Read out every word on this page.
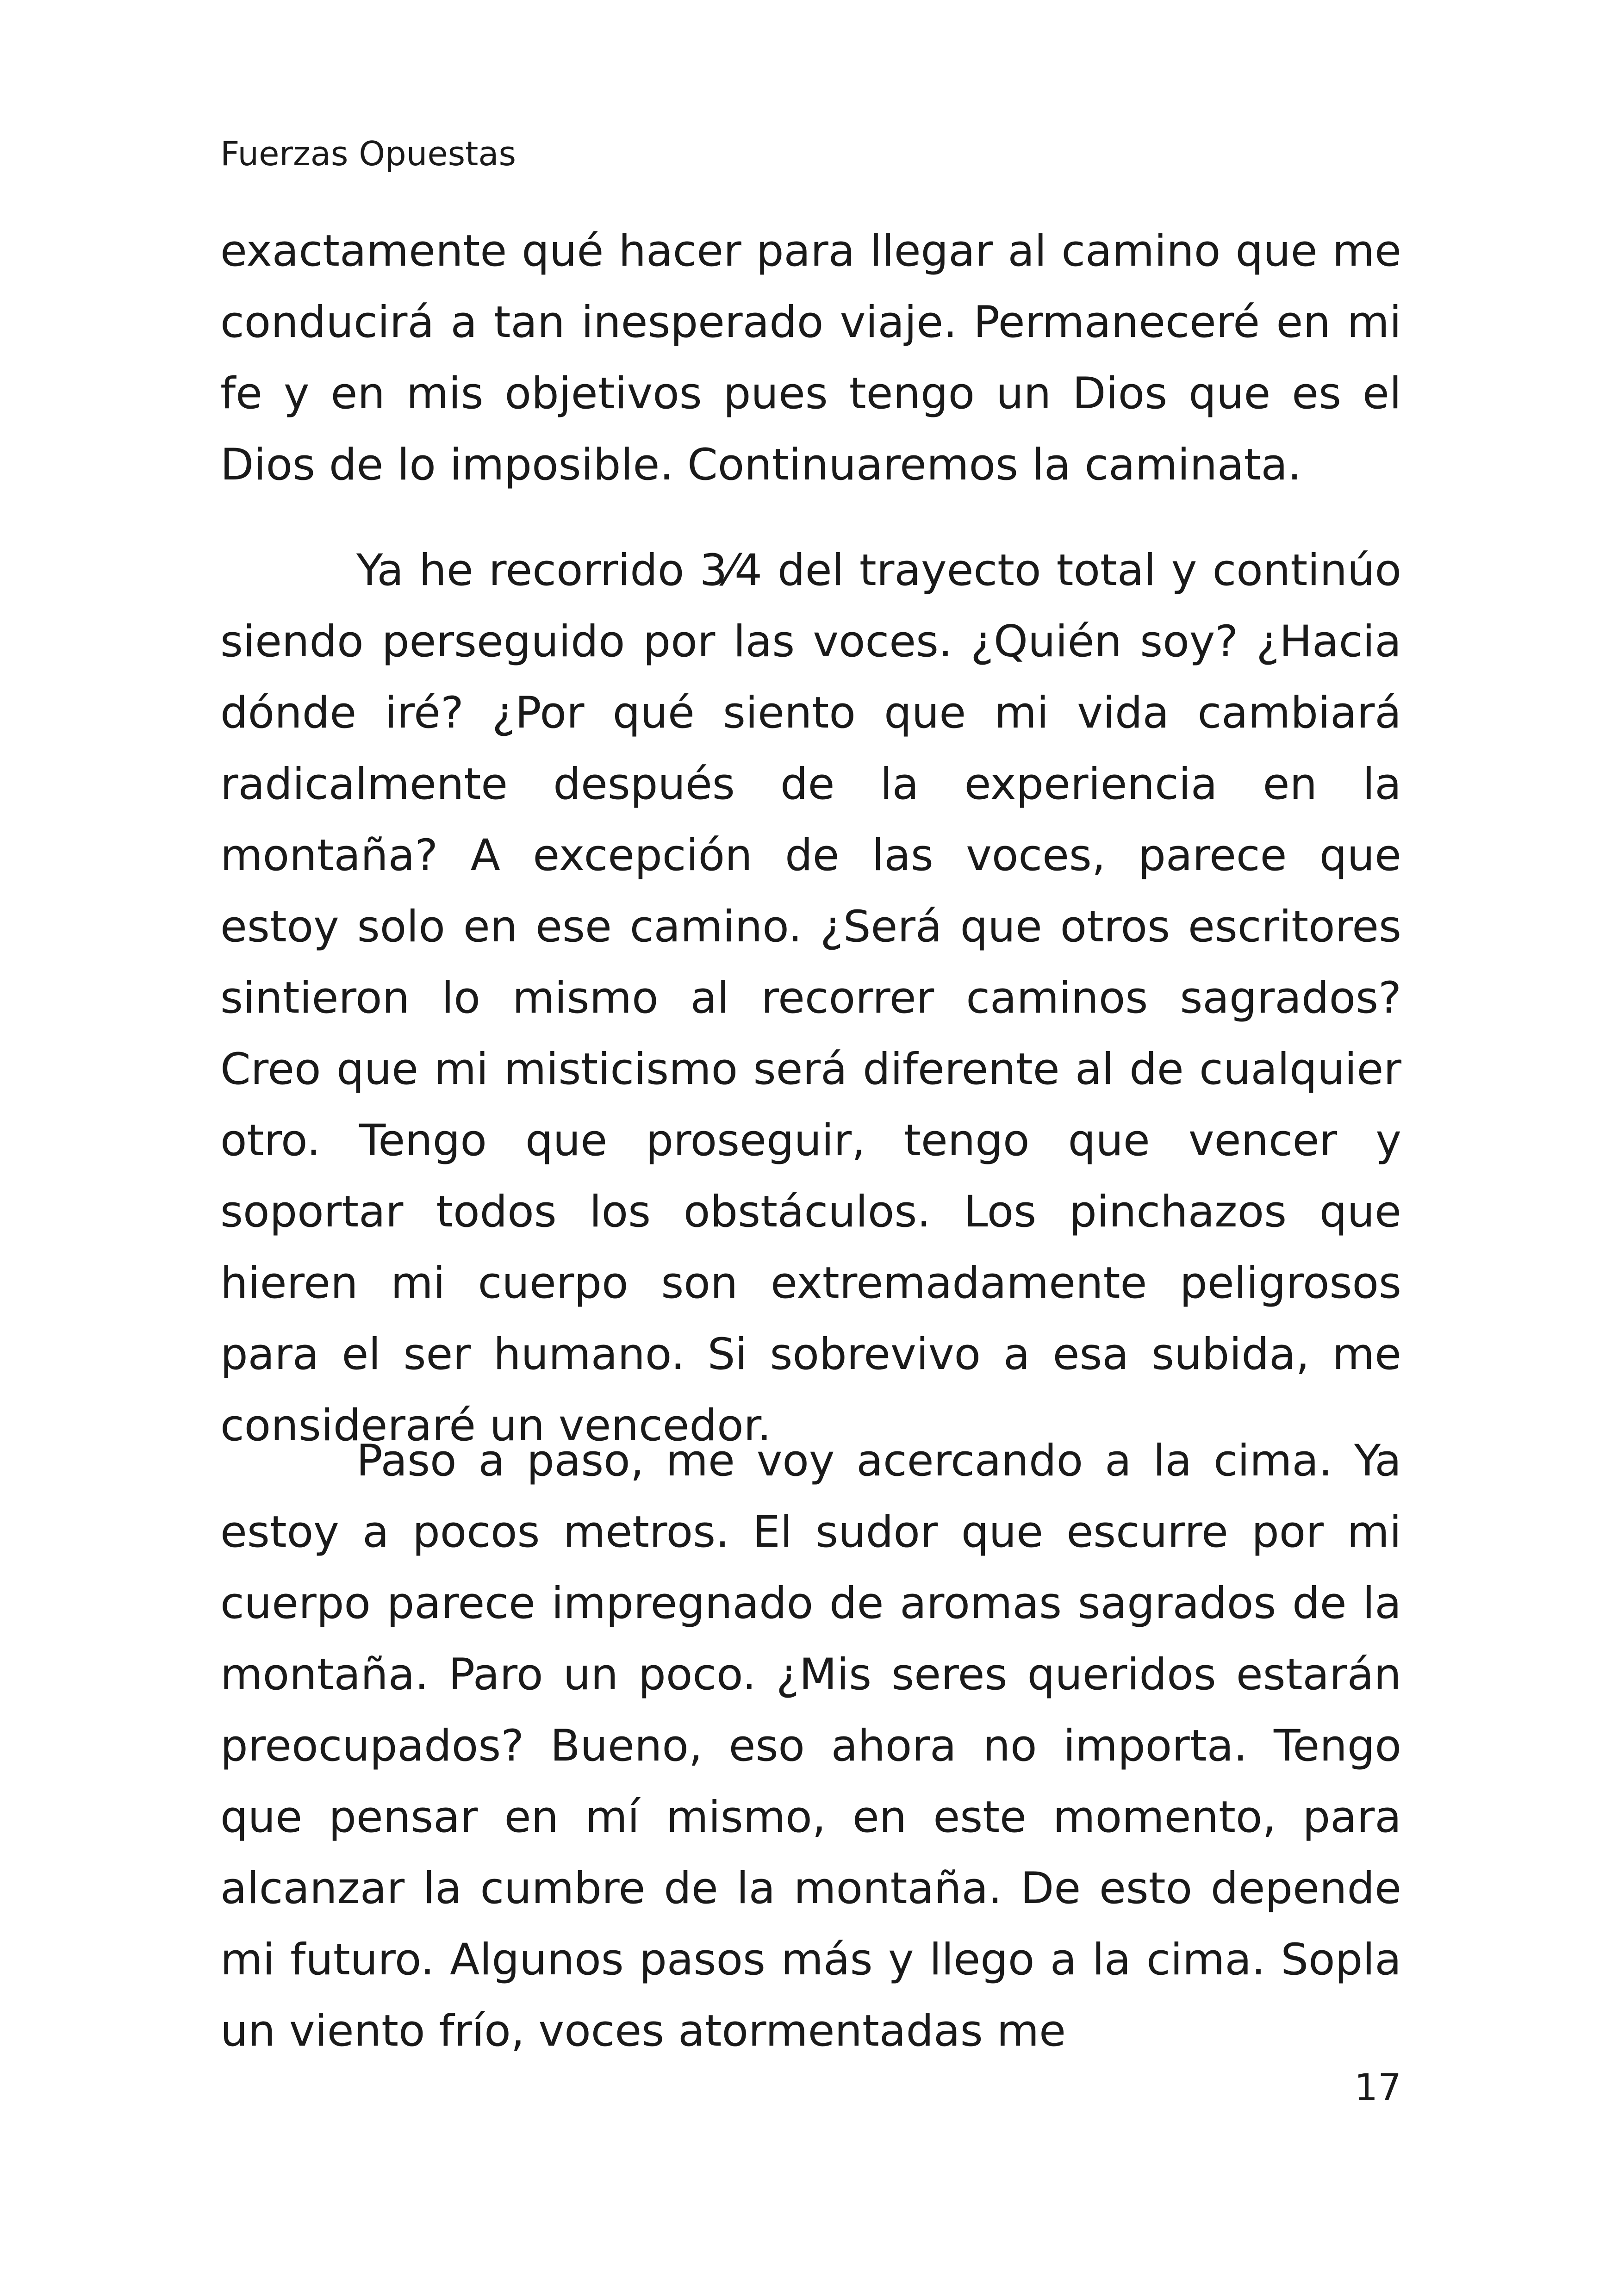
Fuerzas Opuestas

exactamente qué hacer para llegar al camino que me conducirá a tan inesperado viaje. Permaneceré en mi fe y en mis objetivos pues tengo un Dios que es el Dios de lo imposible. Continuaremos la caminata.

Ya he recorrido 3⁄4 del trayecto total y continúo siendo perseguido por las voces. ¿Quién soy? ¿Hacia dónde iré? ¿Por qué siento que mi vida cambiará radicalmente después de la experiencia en la montaña? A excepción de las voces, parece que estoy solo en ese camino. ¿Será que otros escritores sintieron lo mismo al recorrer caminos sagrados? Creo que mi misticismo será diferente al de cualquier otro. Tengo que proseguir, tengo que vencer y soportar todos los obstáculos. Los pinchazos que hieren mi cuerpo son extremadamente peligrosos para el ser humano. Si sobrevivo a esa subida, me consideraré un vencedor.

Paso a paso, me voy acercando a la cima. Ya estoy a pocos metros. El sudor que escurre por mi cuerpo parece impregnado de aromas sagrados de la montaña. Paro un poco. ¿Mis seres queridos estarán preocupados? Bueno, eso ahora no importa. Tengo que pensar en mí mismo, en este momento, para alcanzar la cumbre de la montaña. De esto depende mi futuro. Algunos pasos más y llego a la cima. Sopla un viento frío, voces atormentadas me

17
